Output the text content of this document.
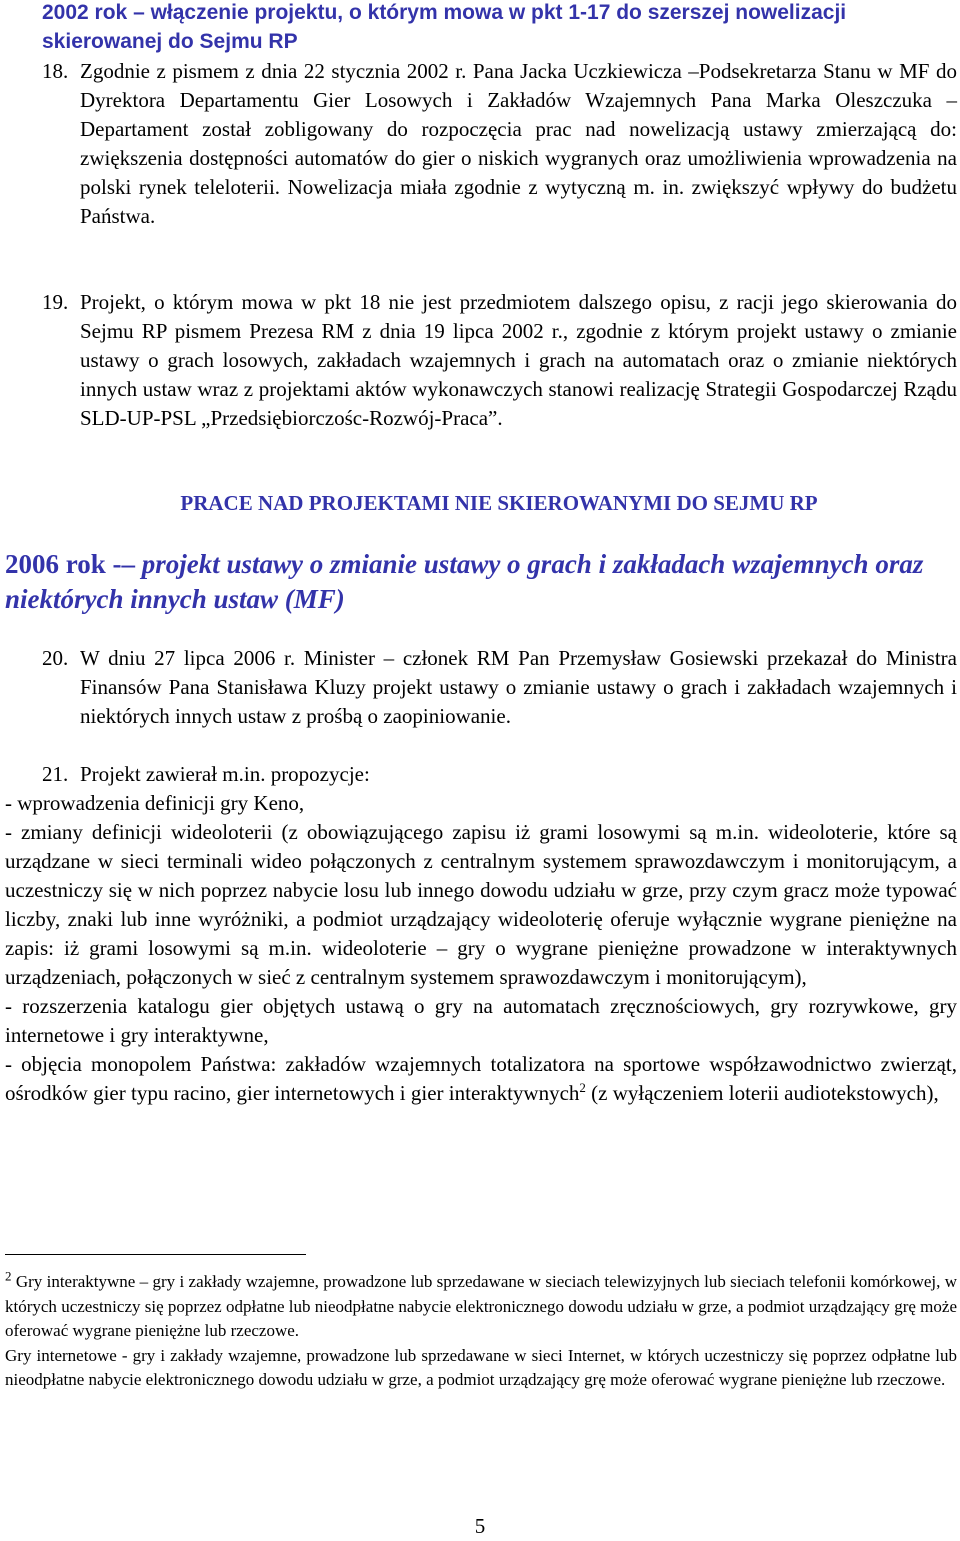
2002 rok – włączenie projektu, o którym mowa w pkt 1-17 do szerszej nowelizacji skierowanej do Sejmu RP
18. Zgodnie z pismem z dnia 22 stycznia 2002 r. Pana Jacka Uczkiewicza –Podsekretarza Stanu w MF do Dyrektora Departamentu Gier Losowych i Zakładów Wzajemnych Pana Marka Oleszczuka – Departament został zobligowany do rozpoczęcia prac nad nowelizacją ustawy zmierzającą do: zwiększenia dostępności automatów do gier o niskich wygranych oraz umożliwienia wprowadzenia na polski rynek teleloterii. Nowelizacja miała zgodnie z wytyczną m. in. zwiększyć wpływy do budżetu Państwa.
19. Projekt, o którym mowa w pkt 18 nie jest przedmiotem dalszego opisu, z racji jego skierowania do Sejmu RP pismem Prezesa RM z dnia 19 lipca 2002 r., zgodnie z którym projekt ustawy o zmianie ustawy o grach losowych, zakładach wzajemnych i grach na automatach oraz o zmianie niektórych innych ustaw wraz z projektami aktów wykonawczych stanowi realizację Strategii Gospodarczej Rządu SLD-UP-PSL „Przedsiębiorczośc-Rozwój-Praca”.
PRACE NAD PROJEKTAMI NIE SKIEROWANYMI DO SEJMU RP
2006 rok -– projekt ustawy o zmianie ustawy o grach i zakładach wzajemnych oraz niektórych innych ustaw (MF)
20. W dniu 27 lipca 2006 r. Minister – członek RM Pan Przemysław Gosiewski przekazał do Ministra Finansów Pana Stanisława Kluzy projekt ustawy o zmianie ustawy o grach i zakładach wzajemnych i niektórych innych ustaw z prośbą o zaopiniowanie.
21. Projekt zawierał m.in. propozycje:
- wprowadzenia definicji gry Keno,
- zmiany definicji wideoloterii (z obowiązującego zapisu iż grami losowymi są m.in. wideoloterie, które są urządzane w sieci terminali wideo połączonych z centralnym systemem sprawozdawczym i monitorującym, a uczestniczy się w nich poprzez nabycie losu lub innego dowodu udziału w grze, przy czym gracz może typować liczby, znaki lub inne wyróżniki, a podmiot urządzający wideoloterię oferuje wyłącznie wygrane pieniężne na zapis: iż grami losowymi są m.in. wideoloterie – gry o wygrane pieniężne prowadzone w interaktywnych urządzeniach, połączonych w sieć z centralnym systemem sprawozdawczym i monitorującym),
- rozszerzenia katalogu gier objętych ustawą o gry na automatach zręcznościowych, gry rozrywkowe, gry internetowe i gry interaktywne,
- objęcia monopolem Państwa: zakładów wzajemnych totalizatora na sportowe współzawodnictwo zwierząt, ośrodków gier typu racino, gier internetowych i gier interaktywnych$^2$ (z wyłączeniem loterii audiotekstowych),
$^2$ Gry interaktywne – gry i zakłady wzajemne, prowadzone lub sprzedawane w sieciach telewizyjnych lub sieciach telefonii komórkowej, w których uczestniczy się poprzez odpłatne lub nieodpłatne nabycie elektronicznego dowodu udziału w grze, a podmiot urządzający grę może oferować wygrane pieniężne lub rzeczowe.
Gry internetowe - gry i zakłady wzajemne, prowadzone lub sprzedawane w sieci Internet, w których uczestniczy się poprzez odpłatne lub nieodpłatne nabycie elektronicznego dowodu udziału w grze, a podmiot urządzający grę może oferować wygrane pieniężne lub rzeczowe.
5
